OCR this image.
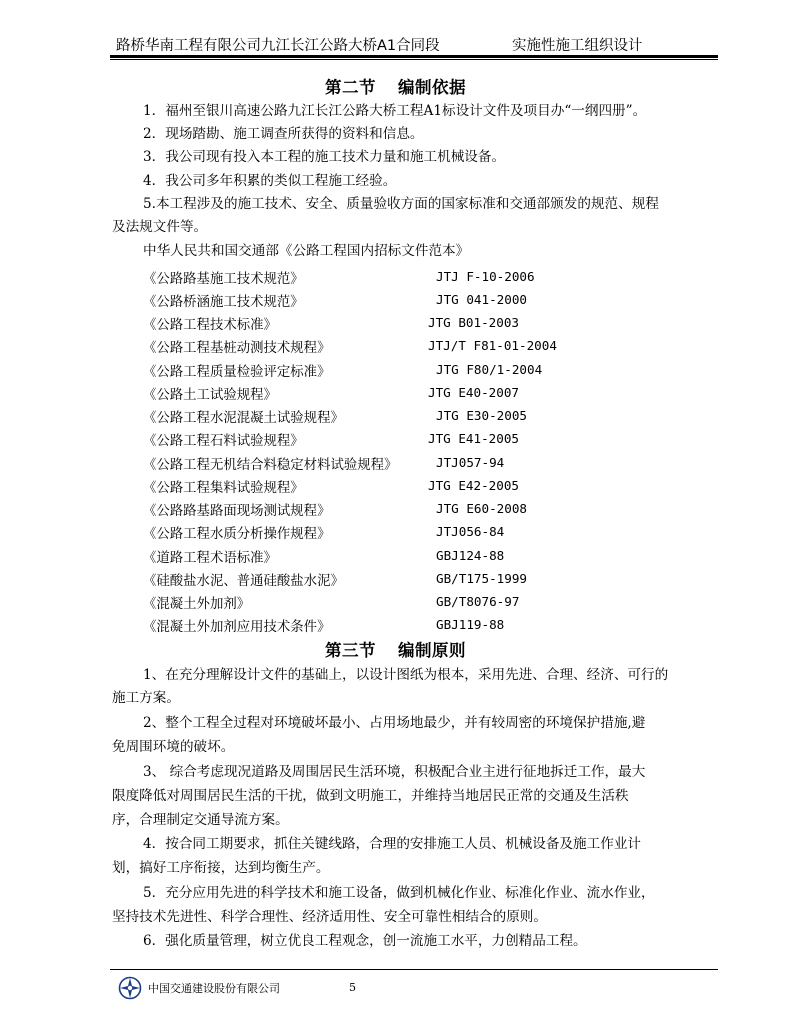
路桥华南工程有限公司九江长江公路大桥A1合同段	实施性施工组织设计
第二节 编制依据
1．福州至银川高速公路九江长江公路大桥工程A1标设计文件及项目办“一纲四册”。
2．现场踏勘、施工调查所获得的资料和信息。
3．我公司现有投入本工程的施工技术力量和施工机械设备。
4．我公司多年积累的类似工程施工经验。
5.本工程涉及的施工技术、安全、质量验收方面的国家标准和交通部颁发的规范、规程
及法规文件等。
中华人民共和国交通部《公路工程国内招标文件范本》
《公路路基施工技术规范》	JTJ F-10-2006
《公路桥涵施工技术规范》	JTG 041-2000
《公路工程技术标准》	JTG B01-2003
《公路工程基桩动测技术规程》	JTJ/T F81-01-2004
《公路工程质量检验评定标准》	JTG F80/1-2004
《公路土工试验规程》	JTG E40-2007
《公路工程水泥混凝土试验规程》	JTG E30-2005
《公路工程石料试验规程》	JTG E41-2005
《公路工程无机结合料稳定材料试验规程》	JTJ057-94
《公路工程集料试验规程》	JTG E42-2005
《公路路基路面现场测试规程》	JTG E60-2008
《公路工程水质分析操作规程》	JTJ056-84
《道路工程术语标准》	GBJ124-88
《硅酸盐水泥、普通硅酸盐水泥》	GB/T175-1999
《混凝土外加剂》	GB/T8076-97
《混凝土外加剂应用技术条件》	GBJ119-88
第三节 编制原则
1、在充分理解设计文件的基础上，以设计图纸为根本，采用先进、合理、经济、可行的
施工方案。
2、整个工程全过程对环境破坏最小、占用场地最少，并有较周密的环境保护措施,避
免周围环境的破坏。
3、 综合考虑现况道路及周围居民生活环境，积极配合业主进行征地拆迁工作，最大
限度降低对周围居民生活的干扰，做到文明施工，并维持当地居民正常的交通及生活秩
序，合理制定交通导流方案。
4．按合同工期要求，抓住关键线路，合理的安排施工人员、机械设备及施工作业计
划，搞好工序衔接，达到均衡生产。
5．充分应用先进的科学技术和施工设备，做到机械化作业、标准化作业、流水作业，
坚持技术先进性、科学合理性、经济适用性、安全可靠性相结合的原则。
6．强化质量管理，树立优良工程观念，创一流施工水平，力创精品工程。
中国交通建设股份有限公司	5
